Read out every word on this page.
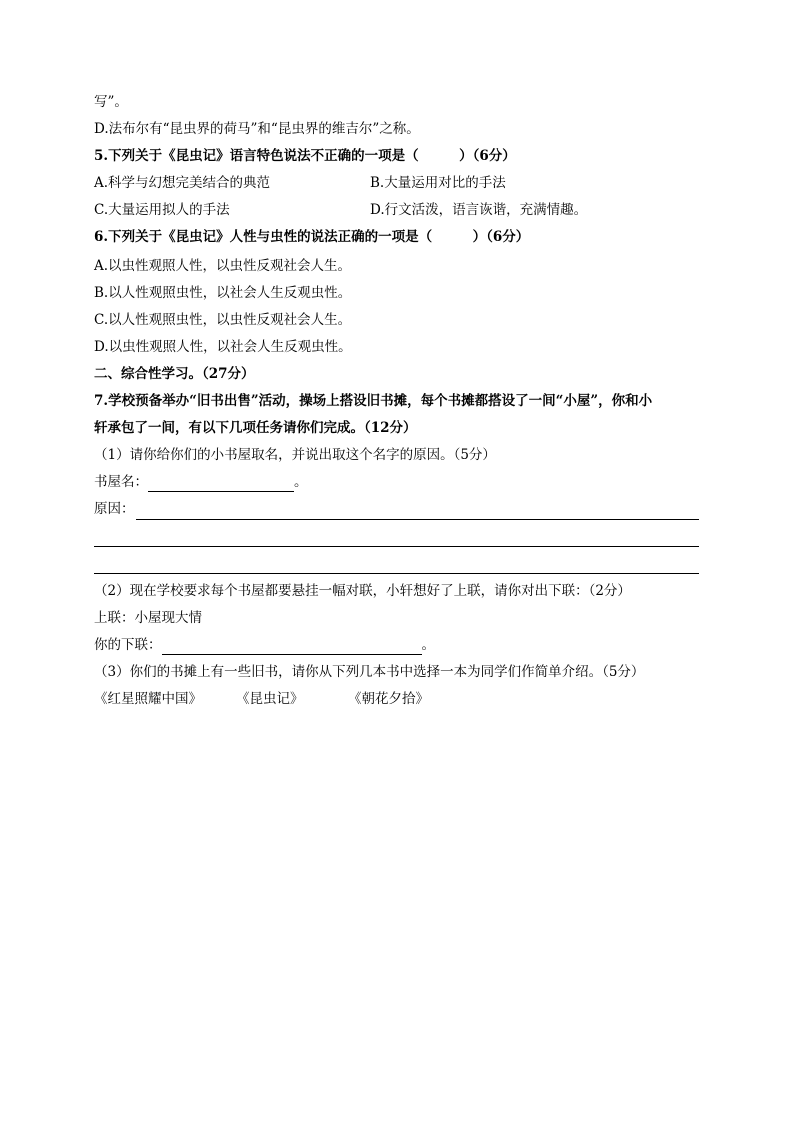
写”。
D.法布尔有“昆虫界的荷马”和“昆虫界的维吉尔”之称。
5.下列关于《昆虫记》语言特色说法不正确的一项是（　　　）（6分）
A.科学与幻想完美结合的典范	B.大量运用对比的手法
C.大量运用拟人的手法	D.行文活泼，语言诙谐，充满情趣。
6.下列关于《昆虫记》人性与虫性的说法正确的一项是（　　　）（6分）
A.以虫性观照人性，以虫性反观社会人生。
B.以人性观照虫性，以社会人生反观虫性。
C.以人性观照虫性，以虫性反观社会人生。
D.以虫性观照人性，以社会人生反观虫性。
二、综合性学习。（27分）
7.学校预备举办“旧书出售”活动，操场上搭设旧书摊，每个书摊都搭设了一间“小屋”，你和小
轩承包了一间，有以下几项任务请你们完成。（12分）
（1）请你给你们的小书屋取名，并说出取这个名字的原因。（5分）
书屋名：	。
原因：
（2）现在学校要求每个书屋都要悬挂一幅对联，小轩想好了上联，请你对出下联：（2分）
上联：小屋现大情
你的下联：	。
（3）你们的书摊上有一些旧书，请你从下列几本书中选择一本为同学们作简单介绍。（5分）
《红星照耀中国》	《昆虫记》	《朝花夕拾》
